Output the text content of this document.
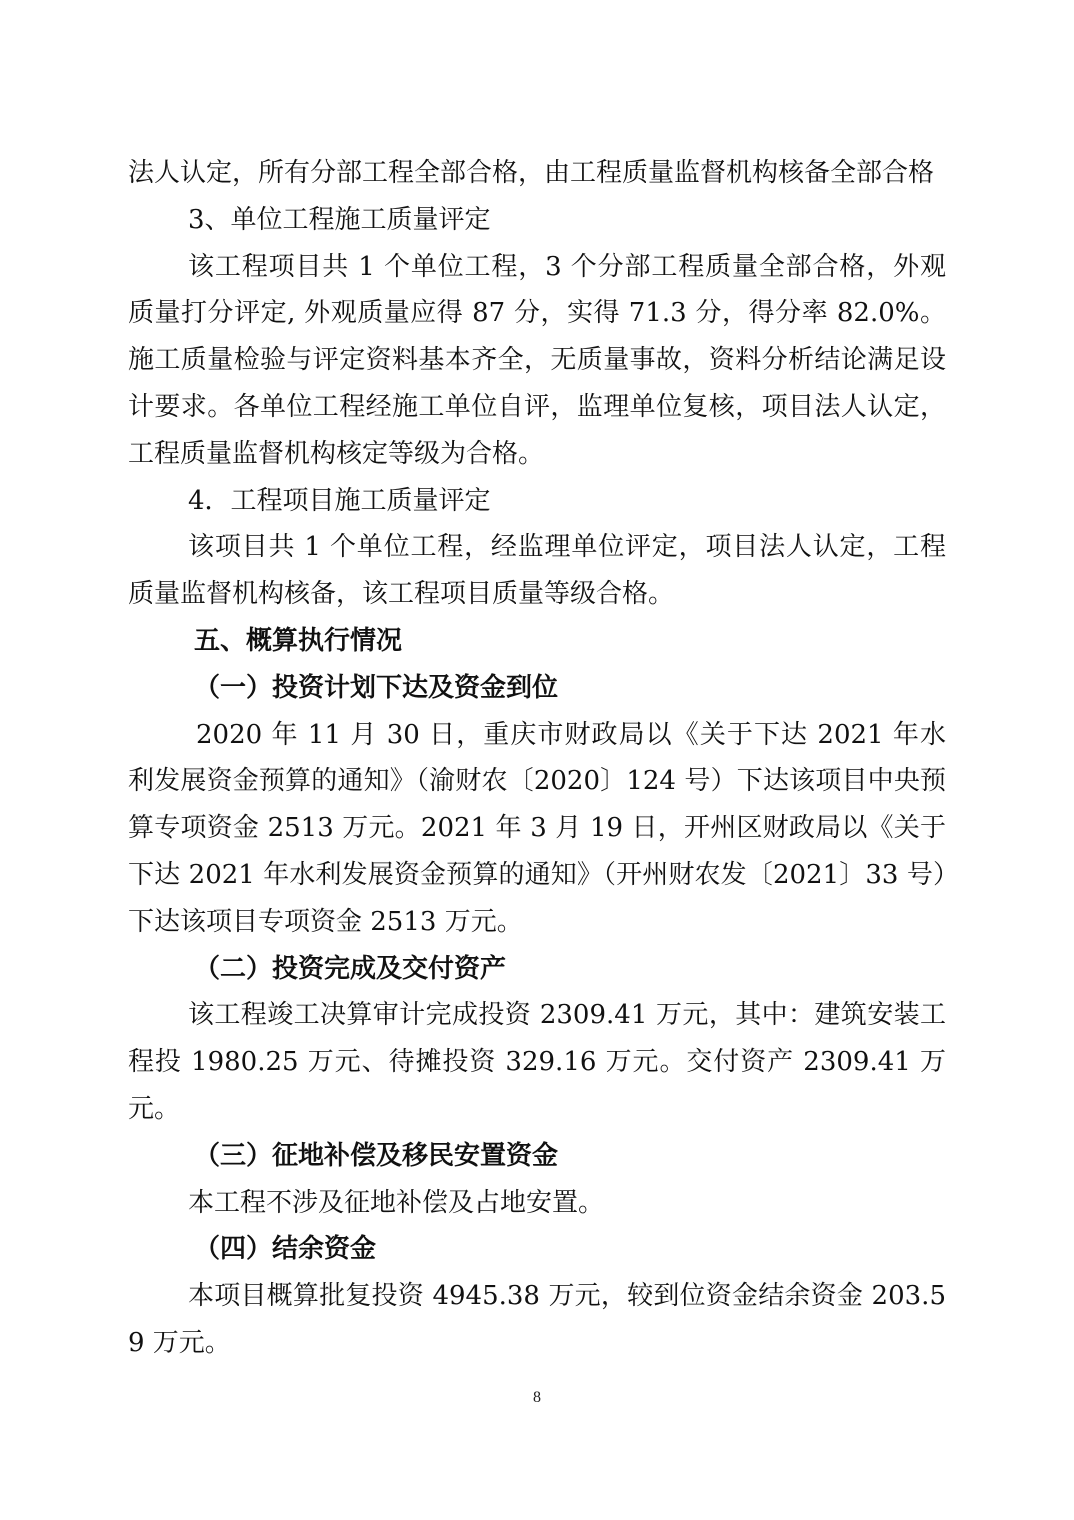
法人认定，所有分部工程全部合格，由工程质量监督机构核备全部合格

3、单位工程施工质量评定

该工程项目共 1 个单位工程，3 个分部工程质量全部合格，外观质量打分评定, 外观质量应得 87 分，实得 71.3 分，得分率 82.0%。施工质量检验与评定资料基本齐全，无质量事故，资料分析结论满足设计要求。各单位工程经施工单位自评，监理单位复核，项目法人认定，工程质量监督机构核定等级为合格。

4．工程项目施工质量评定

该项目共 1 个单位工程，经监理单位评定，项目法人认定，工程质量监督机构核备，该工程项目质量等级合格。

五、概算执行情况

（一）投资计划下达及资金到位

2020 年 11 月 30 日，重庆市财政局以《关于下达 2021 年水利发展资金预算的通知》（渝财农〔2020〕124 号）下达该项目中央预算专项资金 2513 万元。2021 年 3 月 19 日，开州区财政局以《关于下达 2021 年水利发展资金预算的通知》（开州财农发〔2021〕33 号）下达该项目专项资金 2513 万元。

（二）投资完成及交付资产

该工程竣工决算审计完成投资 2309.41 万元，其中：建筑安装工程投 1980.25 万元、待摊投资 329.16 万元。交付资产 2309.41 万元。

（三）征地补偿及移民安置资金

本工程不涉及征地补偿及占地安置。

（四）结余资金

本项目概算批复投资 4945.38 万元，较到位资金结余资金 203.59 万元。

8
